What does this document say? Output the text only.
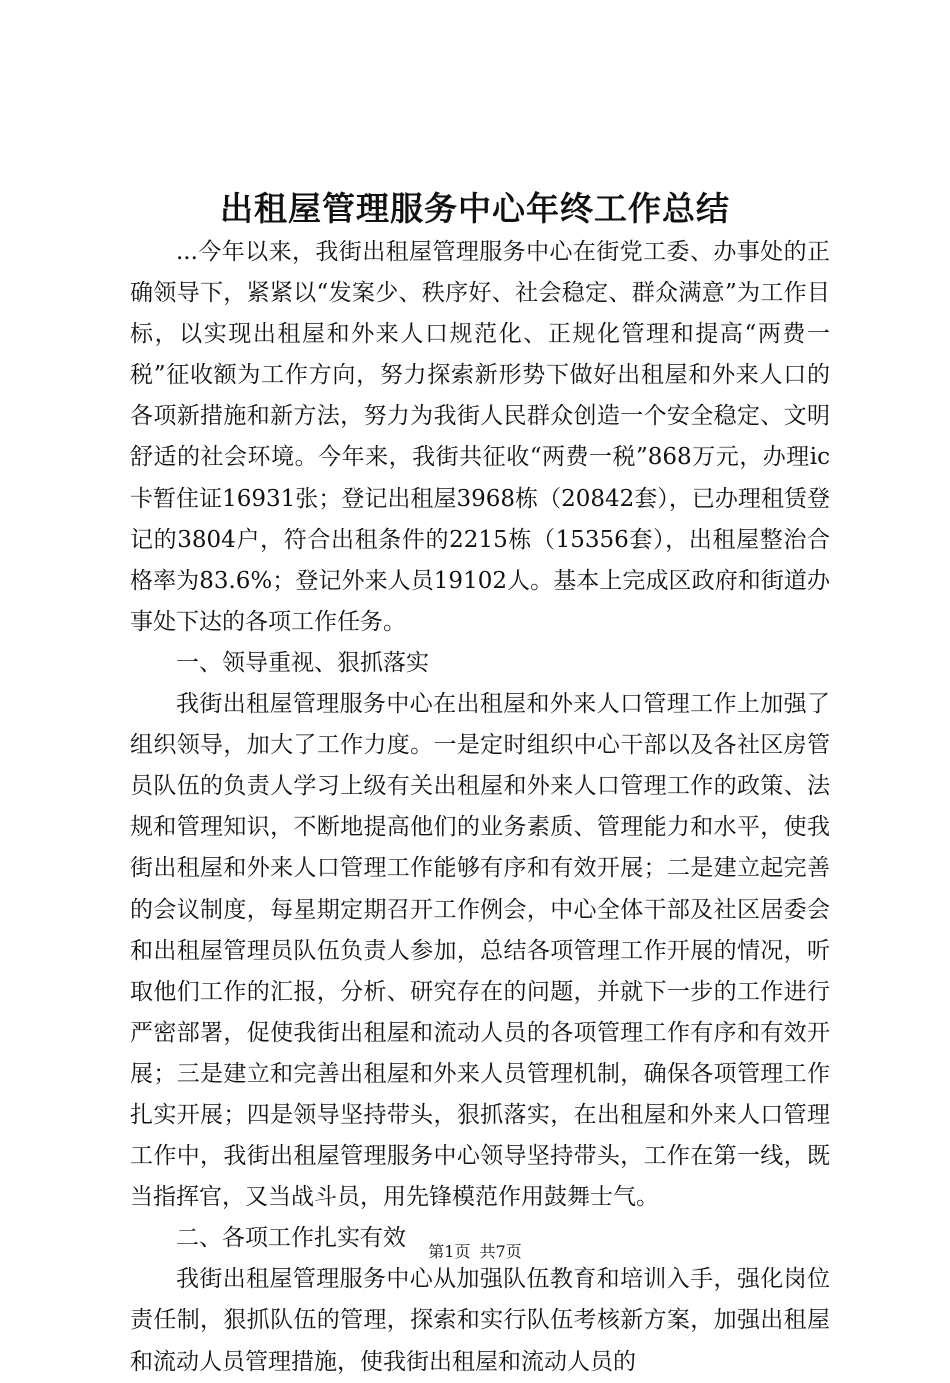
出租屋管理服务中心年终工作总结

...今年以来，我街出租屋管理服务中心在街党工委、办事处的正确领导下，紧紧以“发案少、秩序好、社会稳定、群众满意”为工作目标，以实现出租屋和外来人口规范化、正规化管理和提高“两费一税”征收额为工作方向，努力探索新形势下做好出租屋和外来人口的各项新措施和新方法，努力为我街人民群众创造一个安全稳定、文明舒适的社会环境。今年来，我街共征收“两费一税”868万元，办理ic卡暂住证16931张；登记出租屋3968栋（20842套），已办理租赁登记的3804户，符合出租条件的2215栋（15356套），出租屋整治合格率为83.6%；登记外来人员19102人。基本上完成区政府和街道办事处下达的各项工作任务。

一、领导重视、狠抓落实

我街出租屋管理服务中心在出租屋和外来人口管理工作上加强了组织领导，加大了工作力度。一是定时组织中心干部以及各社区房管员队伍的负责人学习上级有关出租屋和外来人口管理工作的政策、法规和管理知识，不断地提高他们的业务素质、管理能力和水平，使我街出租屋和外来人口管理工作能够有序和有效开展；二是建立起完善的会议制度，每星期定期召开工作例会，中心全体干部及社区居委会和出租屋管理员队伍负责人参加，总结各项管理工作开展的情况，听取他们工作的汇报，分析、研究存在的问题，并就下一步的工作进行严密部署，促使我街出租屋和流动人员的各项管理工作有序和有效开展；三是建立和完善出租屋和外来人员管理机制，确保各项管理工作扎实开展；四是领导坚持带头，狠抓落实，在出租屋和外来人口管理工作中，我街出租屋管理服务中心领导坚持带头，工作在第一线，既当指挥官，又当战斗员，用先锋模范作用鼓舞士气。

二、各项工作扎实有效

我街出租屋管理服务中心从加强队伍教育和培训入手，强化岗位责任制，狠抓队伍的管理，探索和实行队伍考核新方案，加强出租屋和流动人员管理措施，使我街出租屋和流动人员的

第1页 共7页
